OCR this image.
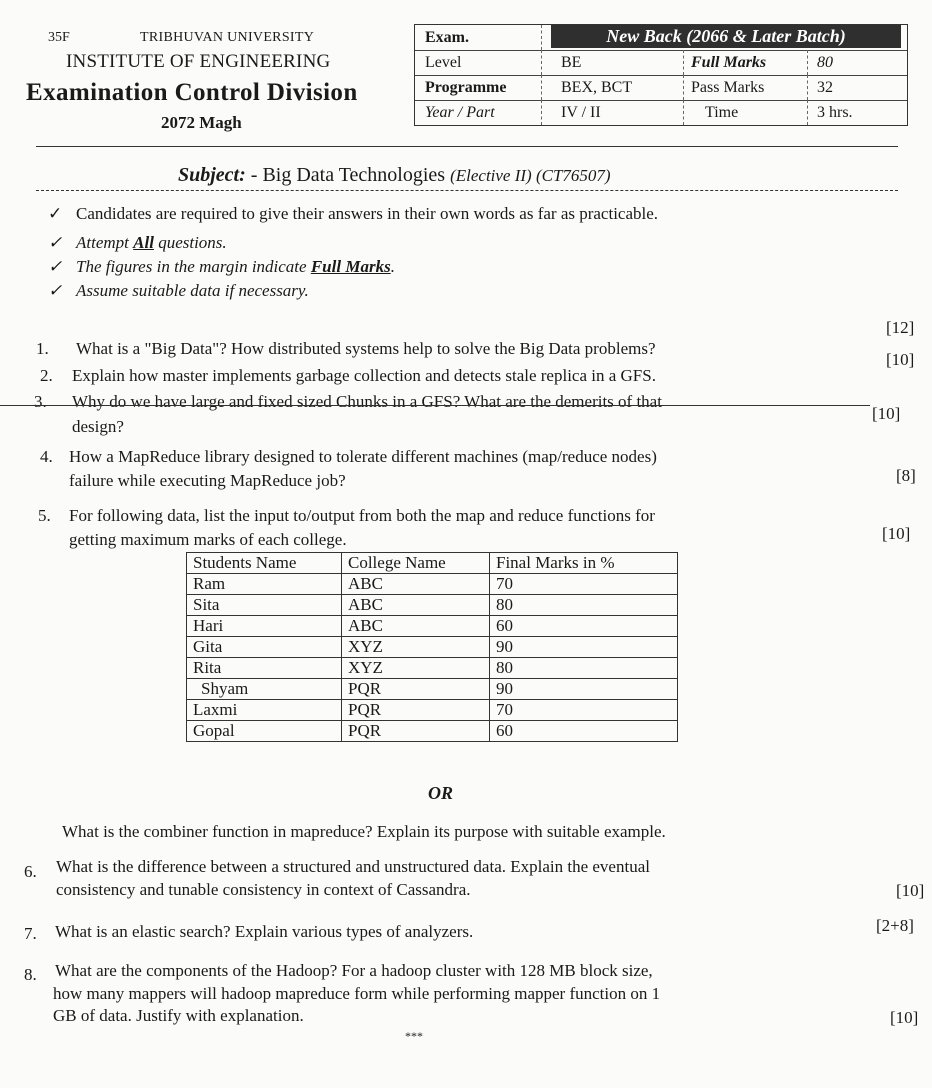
35F	TRIBHUVAN UNIVERSITY
INSTITUTE OF ENGINEERING
Examination Control Division
2072 Magh
Exam.	New Back (2066 & Later Batch)
Level	BE	Full Marks	80
Programme	BEX, BCT	Pass Marks	32
Year / Part	IV / II	Time	3 hrs.
Subject: - Big Data Technologies (Elective II) (CT76507)
✓ Candidates are required to give their answers in their own words as far as practicable.
✓ Attempt All questions.
✓ The figures in the margin indicate Full Marks.
✓ Assume suitable data if necessary.
1. What is a "Big Data"? How distributed systems help to solve the Big Data problems?
[12]
2. Explain how master implements garbage collection and detects stale replica in a GFS.
[10]
3. Why do we have large and fixed sized Chunks in a GFS? What are the demerits of that
design?
[10]
4. How a MapReduce library designed to tolerate different machines (map/reduce nodes)
failure while executing MapReduce job?	[8]
5. For following data, list the input to/output from both the map and reduce functions for
getting maximum marks of each college.	[10]
Students Name	College Name	Final Marks in %
Ram	ABC	70
Sita	ABC	80
Hari	ABC	60
Gita	XYZ	90
Rita	XYZ	80
Shyam	PQR	90
Laxmi	PQR	70
Gopal	PQR	60
OR
What is the combiner function in mapreduce? Explain its purpose with suitable example.
6. What is the difference between a structured and unstructured data. Explain the eventual
consistency and tunable consistency in context of Cassandra.	[10]
7. What is an elastic search? Explain various types of analyzers.	[2+8]
8. What are the components of the Hadoop? For a hadoop cluster with 128 MB block size,
how many mappers will hadoop mapreduce form while performing mapper function on 1
GB of data. Justify with explanation.	[10]
***
